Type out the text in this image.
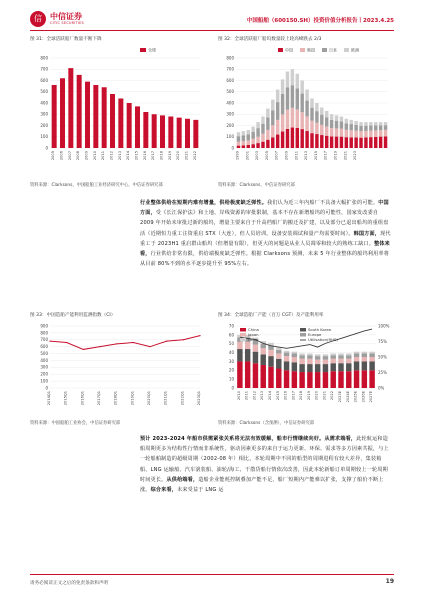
信	中信证券
CITIC SECURITIES	中国船舶（600150.SH）投资价值分析报告丨2023.4.25
图 31：全球活跃船厂数量不断下降
0
100
200
300
400
500
600
700
800
2005 2006 2007 2008 2009 2010 2011 2012 2013 2014 2015 2016 2017 2018 2019 2020 2021 2022
全球
资料来源：Clarksons，中国船舶工业经济研究中心，中信证券研究部
图 32：全球活跃船厂船坞数量较上轮高峰跌去 2/3
0
100
200
300
400
500
600
700
800
1999 2001 2003 2005 2007 2009 2011 2013 2015 2017 2019 2021 2023
中国	韩国	日本	欧洲
资料来源：Clarksons，中信证券研究部
行业整体供给在短期内难有增量，供给极度缺乏弹性。我们认为近三年内船厂不具备大幅扩张的可能。中国方面，受《长江保护法》和土地、岸线资源的审批限制，基本不存在新增船坞的可能性，国家发改委自 2009 年开始未审批过新的船坞，增量主要来自于升高档船厂的搬迁及扩建，以及部分已退出船坞的重组盘活（近期恒力重工注资重启 STX（大连），但人员培训、设备安装调试和量产均需要时间）。韩国方面，现代重工于 2023H1 重启群山船坞（但增量有限），但更大的问题是从业人员凋零和较大的熟练工缺口。整体来看，行业供给非常有限，供给端极度缺乏弹性。根据 Clarksons 预测，未来 5 年行业整体的船坞利用率将从目前 80%不到的水平逐步提升至 95%左右。
图 33：中国造船产能利用监测指数（CI）
0
100
200
300
400
500
600
700
800
900
2014Q1	2015Q1	2016Q1	2017Q1	2018Q1	2019Q1	2020Q1	2021Q1	2022Q1	2023Q1
资料来源：中国船舶工业协会，中信证券研究部
图 34：全球造船厂产能（百万 CGT）及产能利用率
0
10
20
30
40
50
60
70
0%
25%
50%
75%
100%
2010 2011 2012 2013 2014 2015 2016 2017 2018 2019 2020 2021 2022 2023E 2024E 2025E 2026E 2027E
China	South Korea
Japan	Europe
Other	Utilisation(RHS)
资料来源：Clarksons（含预测），中信证券研究部
预计 2023-2024 年船市供需紧张关系将无法有效缓解，船市行情继续向好。从需求端看，此轮航运和造船周期更多为结构性行情而非系统性，驱动因素更多的来自于运力更新、环保、需求等多方因素共振，与上一轮船舶制造的超级周期（2002-08 年）相比，本轮周期中不同的船型的周期进程有较大差异，集装箱船、LNG 运输船、汽车滚装船、油轮/海工、干散货船行情依次改善，因此本轮新船订单周期较上一轮周期时间更长。从供给端看，造船企业能耗控制叠加产能不足，船厂短期内产能难以扩张，支撑了船价不断上涨。综合来看，未来受益于 LNG 运
请务必阅读正文之后的免责条款和声明	19
